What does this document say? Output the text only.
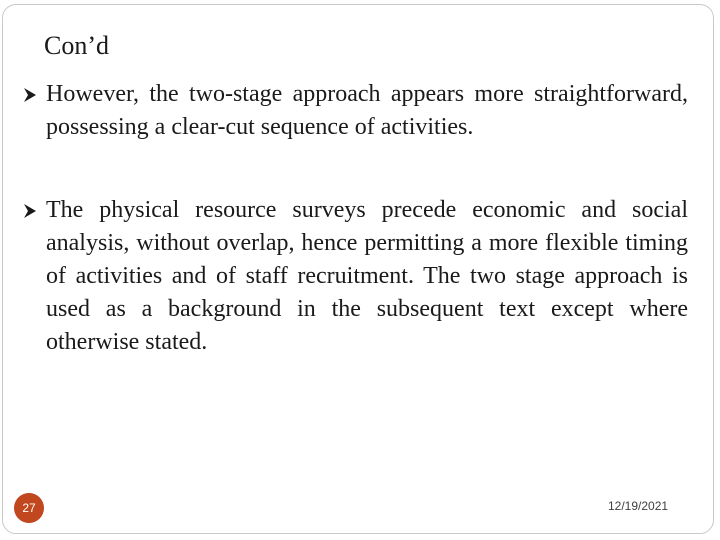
Con’d
However, the two-stage approach appears more straightforward, possessing a clear-cut sequence of activities.
The physical resource surveys precede economic and social analysis, without overlap, hence permitting a more flexible timing of activities and of staff recruitment. The two stage approach is used as a background in the subsequent text except where otherwise stated.
27	12/19/2021
